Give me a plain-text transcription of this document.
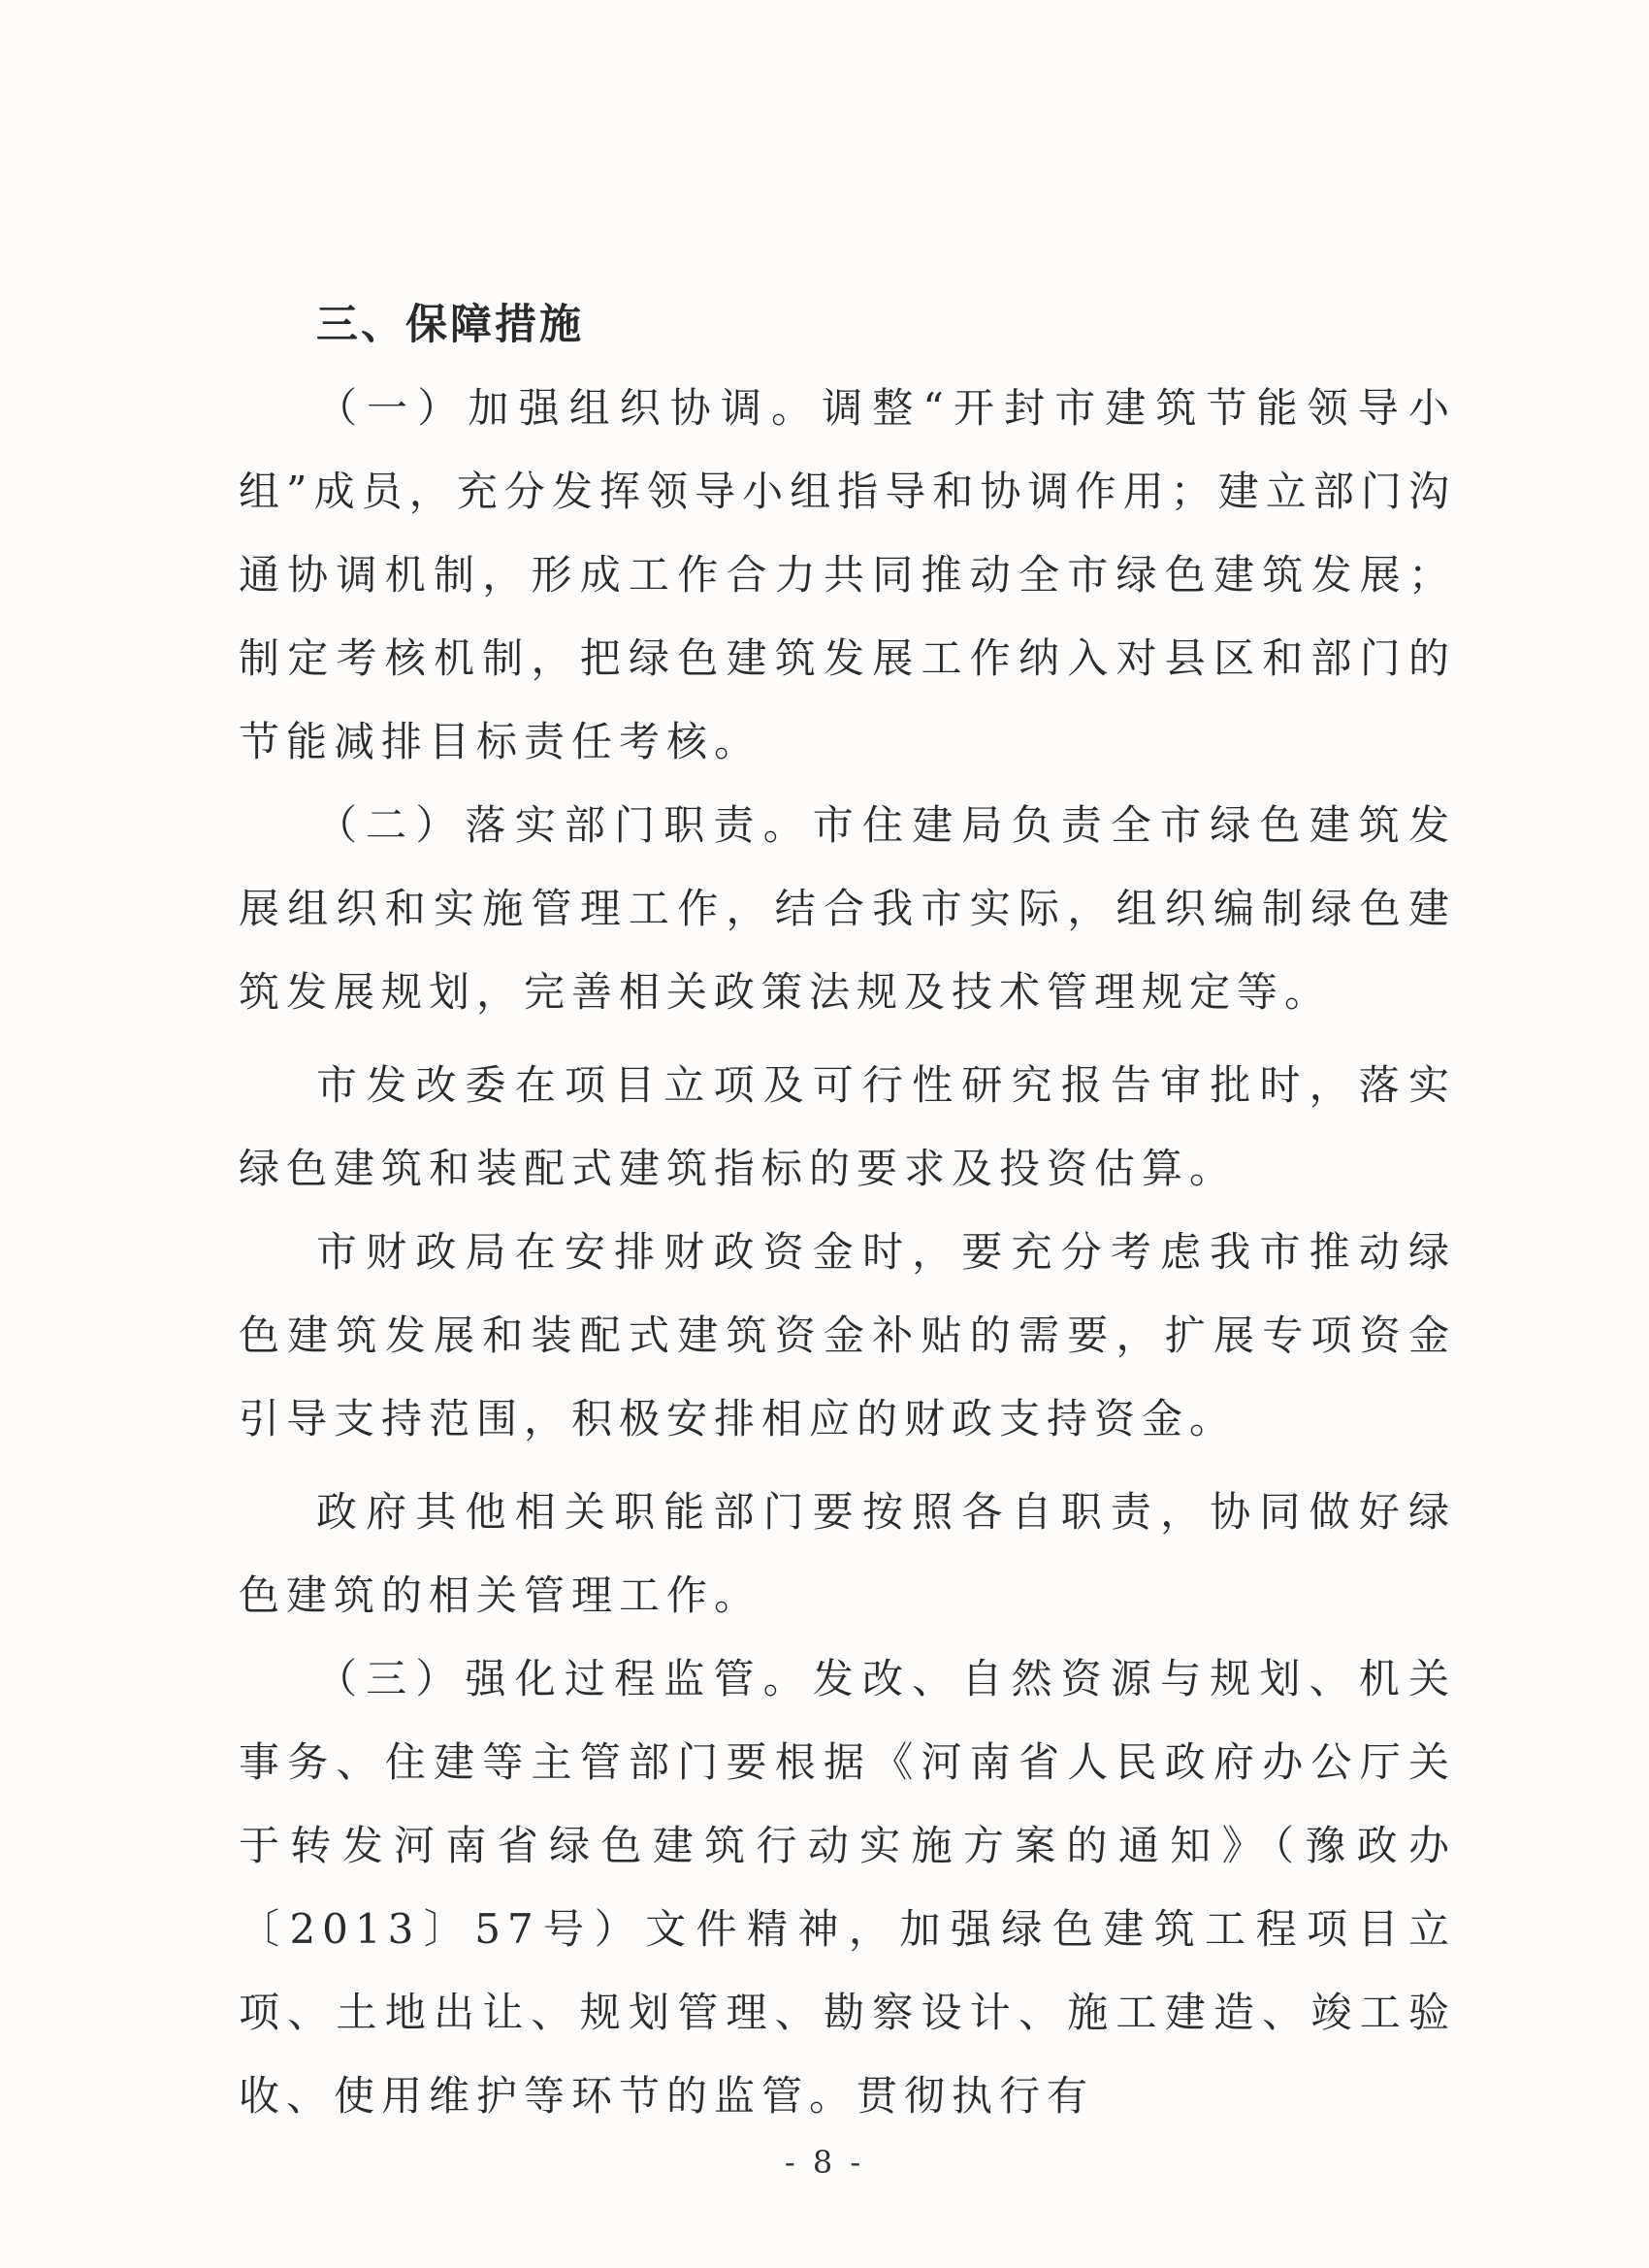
三、保障措施

（一）加强组织协调。调整“开封市建筑节能领导小组”成员，充分发挥领导小组指导和协调作用；建立部门沟通协调机制，形成工作合力共同推动全市绿色建筑发展；制定考核机制，把绿色建筑发展工作纳入对县区和部门的节能减排目标责任考核。

（二）落实部门职责。市住建局负责全市绿色建筑发展组织和实施管理工作，结合我市实际，组织编制绿色建筑发展规划，完善相关政策法规及技术管理规定等。

市发改委在项目立项及可行性研究报告审批时，落实绿色建筑和装配式建筑指标的要求及投资估算。

市财政局在安排财政资金时，要充分考虑我市推动绿色建筑发展和装配式建筑资金补贴的需要，扩展专项资金引导支持范围，积极安排相应的财政支持资金。

政府其他相关职能部门要按照各自职责，协同做好绿色建筑的相关管理工作。

（三）强化过程监管。发改、自然资源与规划、机关事务、住建等主管部门要根据《河南省人民政府办公厅关于转发河南省绿色建筑行动实施方案的通知》（豫政办〔2013〕57号）文件精神，加强绿色建筑工程项目立项、土地出让、规划管理、勘察设计、施工建造、竣工验收、使用维护等环节的监管。贯彻执行有

- 8 -
